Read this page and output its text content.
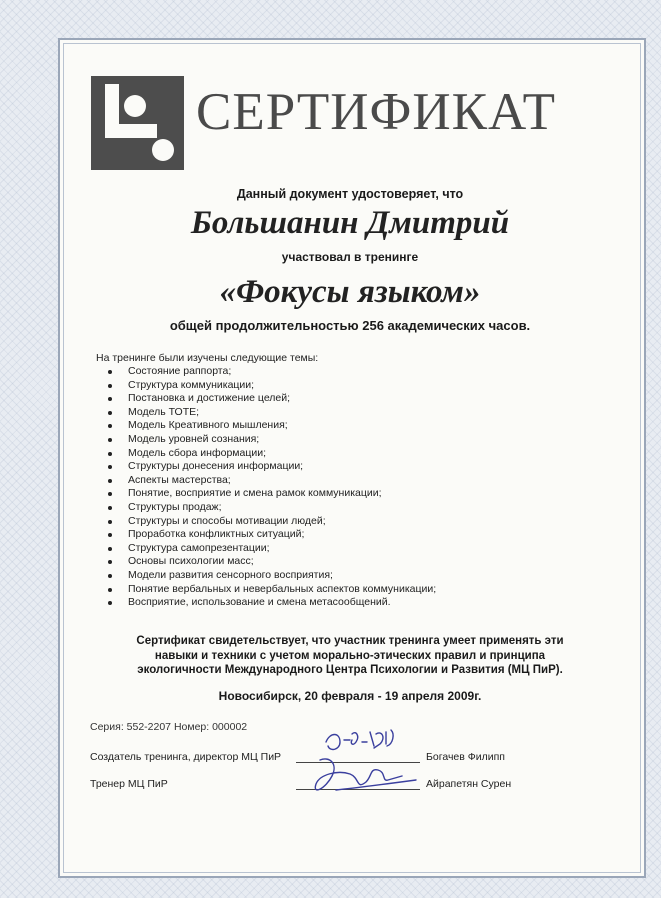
СЕРТИФИКАТ
Данный документ удостоверяет, что
Большанин Дмитрий
участвовал в тренинге
«Фокусы языком»
общей продолжительностью 256 академических часов.
На тренинге были изучены следующие темы:
Состояние раппорта;
Структура коммуникации;
Постановка и достижение целей;
Модель ТОТЕ;
Модель Креативного мышления;
Модель уровней сознания;
Модель сбора информации;
Структуры донесения информации;
Аспекты мастерства;
Понятие, восприятие и смена рамок коммуникации;
Структуры продаж;
Структуры и способы мотивации людей;
Проработка конфликтных ситуаций;
Структура самопрезентации;
Основы психологии масс;
Модели развития сенсорного восприятия;
Понятие вербальных и невербальных аспектов коммуникации;
Восприятие, использование и смена метасообщений.
Сертификат свидетельствует, что участник тренинга умеет применять эти
навыки и техники с учетом морально-этических правил и принципа
экологичности Международного Центра Психологии и Развития (МЦ ПиР).
Новосибирск, 20 февраля - 19 апреля 2009г.
Серия: 552-2207 Номер: 000002
Создатель тренинга, директор МЦ ПиР	Богачев Филипп
Тренер МЦ ПиР	Айрапетян Сурен
